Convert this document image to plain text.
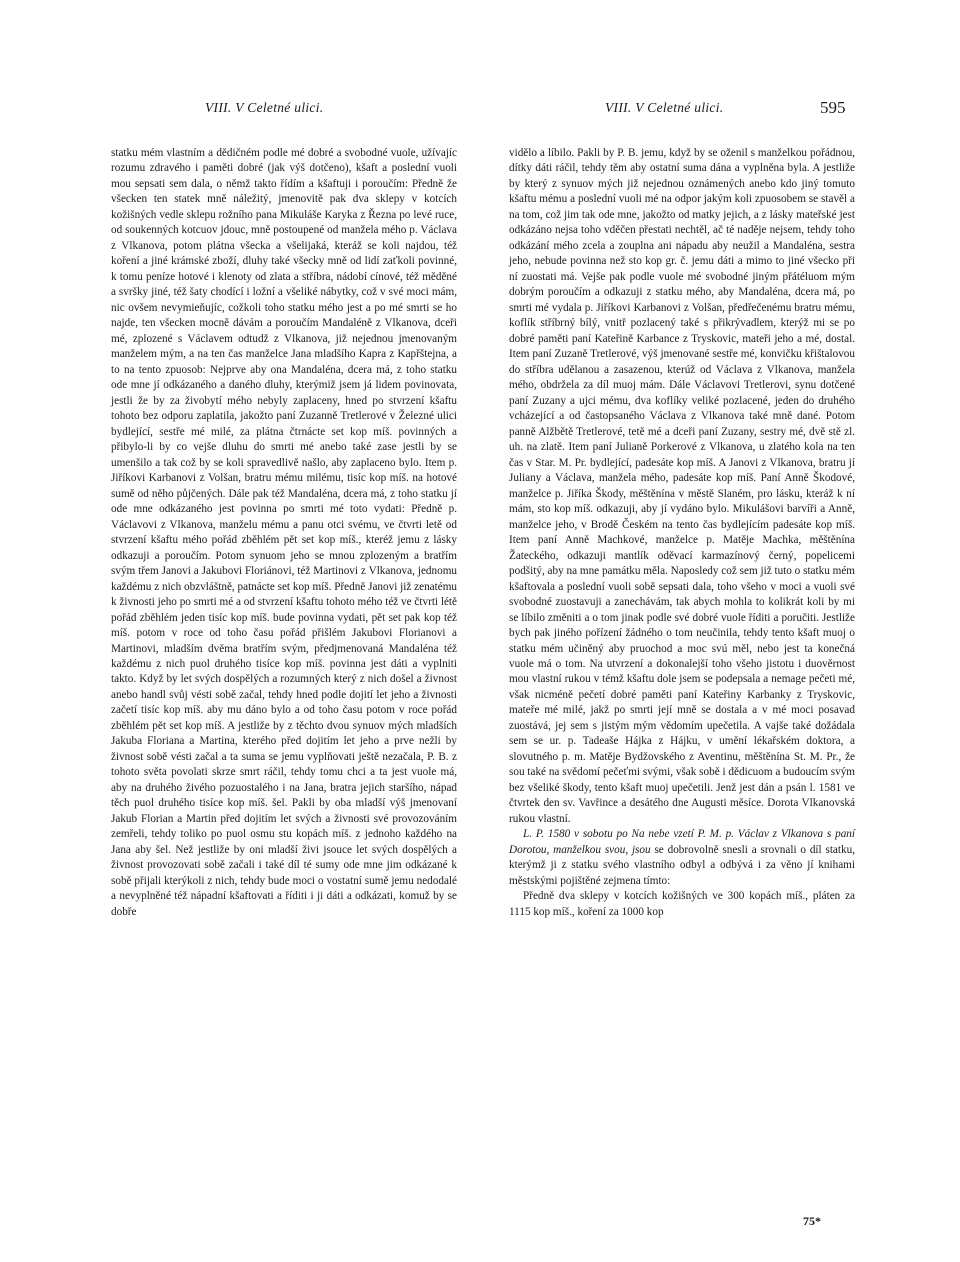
VIII. V Celetné ulici.	VIII. V Celetné ulici.	595

statku mém vlastním a dědičném podle mé dobré a svobodné vuole, užívajíc rozumu zdravého i paměti dobré (jak výš dotčeno), kšaft a poslední vuoli mou sepsati sem dala, o němž takto řídím a kšaftuji i poroučím: Předně že všecken ten statek mně náležitý, jmenovitě pak dva sklepy v kotcích kožišných vedle sklepu rožního pana Mikuláše Karyka z Řezna po levé ruce, od soukenných kotcuov jdouc, mně postoupené od manžela mého p. Václava z Vlkanova, potom plátna všecka a všelijaká, kteráž se koli najdou, též koření a jiné krámské zboží, dluhy také všecky mně od lidí zaťkoli povinné, k tomu peníze hotové i klenoty od zlata a stříbra, nádobí cínové, též měděné a svršky jiné, též šaty chodící i ložní a všeliké nábytky, což v své moci mám, nic ovšem nevymieňujíc, cožkoli toho statku mého jest a po mé smrti se ho najde, ten všecken mocně dávám a poroučím Mandaléně z Vlkanova, dceři mé, zplozené s Václavem odtudž z Vlkanova, již nejednou jmenovaným manželem mým, a na ten čas manželce Jana mladšího Kapra z Kapřštejna, a to na tento zpuosob: Nejprve aby ona Mandaléna, dcera má, z toho statku ode mne jí odkázaného a daného dluhy, kterýmiž jsem já lidem povinovata, jestli že by za živobytí mého nebyly zaplaceny, hned po stvrzení kšaftu tohoto bez odporu zaplatila, jakožto paní Zuzanně Tretlerové v Železné ulici bydlející, sestře mé milé, za plátna čtrnácte set kop míš. povinných a přibylo-li by co vejše dluhu do smrti mé anebo také zase jestli by se umenšilo a tak což by se koli spravedlivě našlo, aby zaplaceno bylo. Item p. Jiříkovi Karbanovi z Volšan, bratru mému milému, tisíc kop míš. na hotové sumě od něho půjčených. Dále pak též Mandaléna, dcera má, z toho statku jí ode mne odkázaného jest povinna po smrti mé toto vydati: Předně p. Václavovi z Vlkanova, manželu mému a panu otci svému, ve čtvrti letě od stvrzení kšaftu mého pořád zběhlém pět set kop míš., kteréž jemu z lásky odkazuji a poroučím. Potom synuom jeho se mnou zplozeným a bratřím svým třem Janovi a Jakubovi Floriánovi, též Martinovi z Vlkanova, jednomu každému z nich obzvláštně, patnácte set kop míš. Předně Janovi již zenatému k živnosti jeho po smrti mé a od stvrzení kšaftu tohoto mého též ve čtvrti létě pořád zběhlém jeden tisíc kop míš. bude povinna vydati, pět set pak kop též míš. potom v roce od toho času pořád přišlém Jakubovi Florianovi a Martinovi, mladším dvěma bratřím svým, předjmenovaná Mandaléna též každému z nich puol druhého tisíce kop míš. povinna jest dáti a vyplniti takto. Když by let svých dospělých a rozumných který z nich došel a živnost anebo handl svůj vésti sobě začal, tehdy hned podle dojití let jeho a živnosti začetí tisíc kop míš. aby mu dáno bylo a od toho času potom v roce pořád zběhlém pět set kop míš. A jestliže by z těchto dvou synuov mých mladších Jakuba Floriana a Martina, kterého před dojitím let jeho a prve nežli by živnost sobě vésti začal a ta suma se jemu vyplňovati ještě nezačala, P. B. z tohoto světa povolati skrze smrt ráčil, tehdy tomu chci a ta jest vuole má, aby na druhého živého pozuostalého i na Jana, bratra jejich staršího, nápad těch puol druhého tisíce kop míš. šel. Pakli by oba mladší výš jmenovaní Jakub Florian a Martin před dojitím let svých a živnosti své provozováním zemřeli, tehdy toliko po puol osmu stu kopách míš. z jednoho každého na Jana aby šel. Než jestliže by oni mladší živi jsouce let svých dospělých a živnost provozovati sobě začali i také díl té sumy ode mne jim odkázané k sobě přijali kterýkoli z nich, tehdy bude moci o vostatní sumě jemu nedodalé a nevyplněné též nápadní kšaftovati a říditi i ji dáti a odkázati, komuž by se dobře

vidělo a líbilo. Pakli by P. B. jemu, když by se oženil s manželkou pořádnou, dítky dáti ráčil, tehdy těm aby ostatní suma dána a vyplněna byla. A jestliže by který z synuov mých již nejednou oznámených anebo kdo jiný tomuto kšaftu mému a poslední vuoli mé na odpor jakým koli zpuosobem se stavěl a na tom, což jim tak ode mne, jakožto od matky jejich, a z lásky mateřské jest odkázáno nejsa toho vděčen přestati nechtěl, ač té naděje nejsem, tehdy toho odkázání mého zcela a zouplna ani nápadu aby neužil a Mandaléna, sestra jeho, nebude povinna než sto kop gr. č. jemu dáti a mimo to jiné všecko při ní zuostati má. Vejše pak podle vuole mé svobodné jiným přátéluom mým dobrým poroučím a odkazuji z statku mého, aby Mandaléna, dcera má, po smrti mé vydala p. Jiříkovi Karbanovi z Volšan, předřečenému bratru mému, koflík stříbrný bílý, vnitř pozlacený také s přikrývadlem, kterýž mi se po dobré paměti paní Kateřině Karbance z Tryskovic, mateři jeho a mé, dostal. Item paní Zuzaně Tretlerové, výš jmenované sestře mé, konvičku křištalovou do stříbra udělanou a zasazenou, kterúž od Václava z Vlkanova, manžela mého, obdržela za díl muoj mám. Dále Václavovi Tretlerovi, synu dotčené paní Zuzany a ujci mému, dva koflíky veliké pozlacené, jeden do druhého vcházející a od častopsaného Václava z Vlkanova také mně dané. Potom panně Alžbětě Tretlerové, tetě mé a dceři paní Zuzany, sestry mé, dvě stě zl. uh. na zlatě. Item paní Julianě Porkerové z Vlkanova, u zlatého kola na ten čas v Star. M. Pr. bydlející, padesáte kop míš. A Janovi z Vlkanova, bratru jí Juliany a Václava, manžela mého, padesáte kop míš. Paní Anně Škodové, manželce p. Jiříka Škody, měštěnína v městě Slaném, pro lásku, kteráž k ní mám, sto kop míš. odkazuji, aby jí vydáno bylo. Mikulášovi barvíři a Anně, manželce jeho, v Brodě Českém na tento čas bydlejícím padesáte kop míš. Item paní Anně Machkové, manželce p. Matěje Machka, měštěnína Žateckého, odkazuji mantlík oděvací karmazínový černý, popelicemi podšitý, aby na mne památku měla. Naposledy což sem již tuto o statku mém kšaftovala a poslední vuoli sobě sepsati dala, toho všeho v moci a vuoli své svobodné zuostavuji a zanechávám, tak abych mohla to kolikrát koli by mi se líbilo změniti a o tom jinak podle své dobré vuole říditi a poručiti. Jestliže bych pak jiného pořízení žádného o tom neučinila, tehdy tento kšaft muoj o statku mém učiněný aby pruochod a moc svú měl, nebo jest ta konečná vuole má o tom. Na utvrzení a dokonalejší toho všeho jistotu i duověrnost mou vlastní rukou v témž kšaftu dole jsem se podepsala a nemage pečeti mé, však nicméně pečetí dobré paměti paní Kateřiny Karbanky z Tryskovic, mateře mé milé, jakž po smrti její mně se dostala a v mé moci posavad zuostává, jej sem s jistým mým vědomím upečetila. A vajše také dožádala sem se ur. p. Tadeaše Hájka z Hájku, v umění lékařském doktora, a slovutného p. m. Matěje Bydžovského z Aventinu, měštěnína St. M. Pr., že sou také na svědomí pečeťmi svými, však sobě i dědicuom a budoucím svým bez všeliké škody, tento kšaft muoj upečetili. Jenž jest dán a psán l. 1581 ve čtvrtek den sv. Vavřince a desátého dne Augusti měsíce. Dorota Vlkanovská rukou vlastní.

L. P. 1580 v sobotu po Na nebe vzetí P. M. p. Václav z Vlkanova s paní Dorotou, manželkou svou, jsou se dobrovolně snesli a srovnali o díl statku, kterýmž ji z statku svého vlastního odbyl a odbývá i za věno jí knihami městskými pojištěné zejmena tímto:

Předně dva sklepy v kotcích kožišných ve 300 kopách míš., pláten za 1115 kop míš., koření za 1000 kop

75*
